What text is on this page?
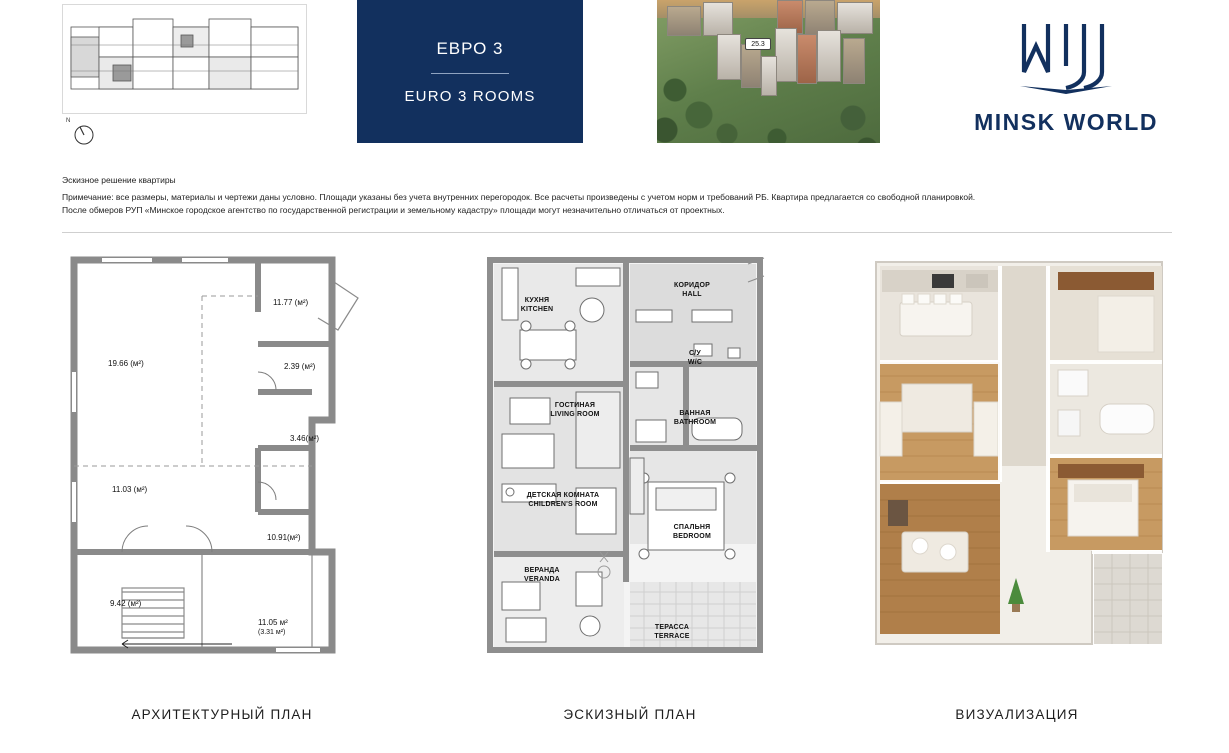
N
ЕВРО 3
EURO 3 ROOMS
25.3
MINSK WORLD
Эскизное решение квартиры
Примечание: все размеры, материалы и чертежи даны условно. Площади указаны без учета внутренних перегородок. Все расчеты произведены с учетом норм и требований РБ. Квартира предлагается со свободной планировкой.
После обмеров РУП «Минское городское агентство по государственной регистрации и земельному кадастру» площади могут незначительно отличаться от проектных.
11.77 (м²)
19.66 (м²)	2.39 (м²)
3.46(м²)
11.03 (м²)
10.91(м²)
9.42 (м²)
11.05 м²
(3.31 м²)
АРХИТЕКТУРНЫЙ ПЛАН
КУХНЯ
KITCHEN
КОРИДОР
HALL
С/У
W/C
ГОСТИНАЯ
LIVING ROOM	ВАННАЯ
BATHROOM
ДЕТСКАЯ КОМНАТА
CHILDREN'S ROOM
СПАЛЬНЯ
BEDROOM
ВЕРАНДА
VERANDA
ТЕРАССА
TERRACE
ЭСКИЗНЫЙ ПЛАН	ВИЗУАЛИЗАЦИЯ
